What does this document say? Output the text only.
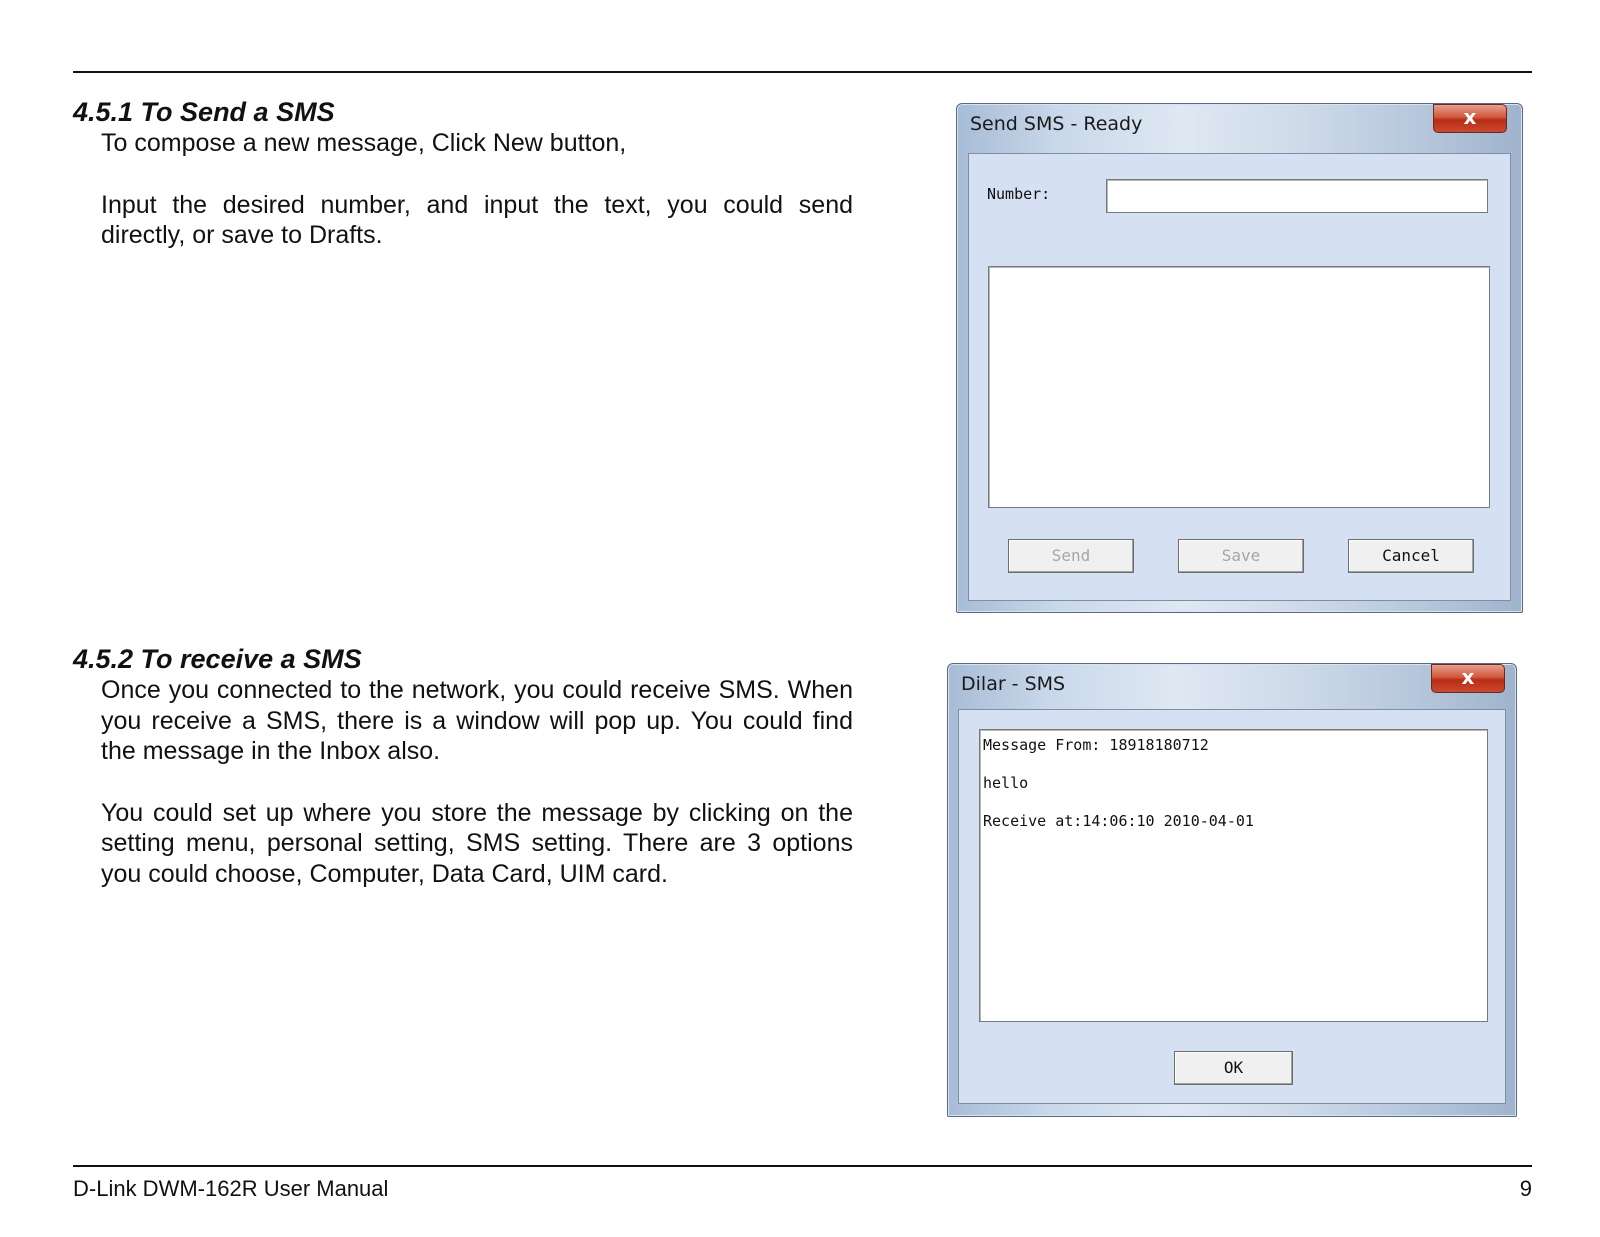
4.5.1 To Send a SMS

To compose a new message, Click New button,

Input the desired number, and input the text, you could send directly, or save to Drafts.

4.5.2 To receive a SMS

Once you connected to the network, you could receive SMS. When you receive a SMS, there is a window will pop up. You could find the message in the Inbox also.

You could set up where you store the message by clicking on the setting menu, personal setting, SMS setting. There are 3 options you could choose, Computer, Data Card, UIM card.

Send SMS - Ready	x
Number:
Send	Save	Cancel
Dilar - SMS	x
Message From: 18918180712
hello
Receive at:14:06:10 2010-04-01
OK
D-Link DWM-162R User Manual	9
